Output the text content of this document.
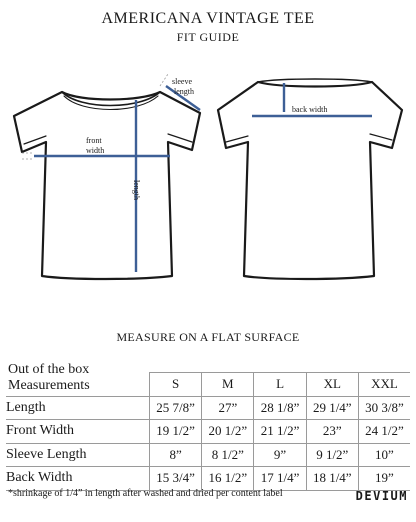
AMERICANA VINTAGE TEE
FIT GUIDE
sleeve
length
front
width
length
back width
MEASURE ON A FLAT SURFACE
Out of the box
Measurements
		S	M	L	XL	XXL
Length	25 7/8”	27”	28 1/8”	29 1/4”	30 3/8”
Front Width	19 1/2”	20 1/2”	21 1/2”	23”	24 1/2”
Sleeve Length	8”	8 1/2”	9”	9 1/2”	10”
Back Width	15 3/4”	16 1/2”	17 1/4”	18 1/4”	19”
*shrinkage of 1/4” in length after washed and dried per content label	DEVIUM
